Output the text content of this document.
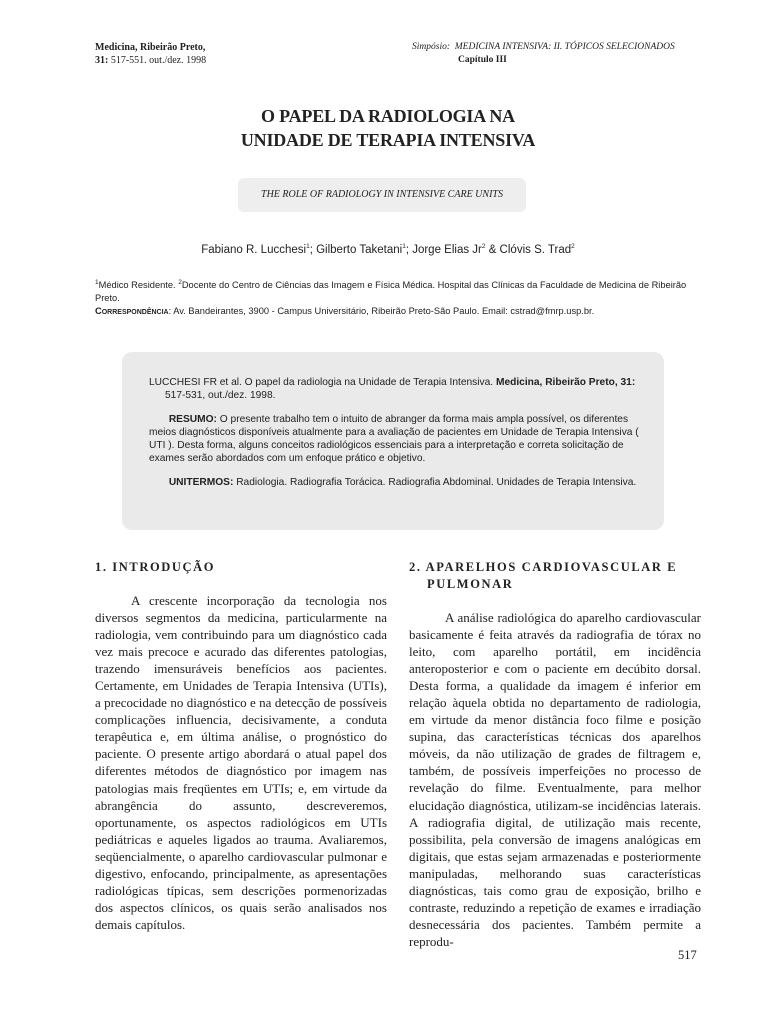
Medicina, Ribeirão Preto,
31: 517-551. out./dez. 1998
Simpósio: MEDICINA INTENSIVA: II. TÓPICOS SELECIONADOS
Capítulo III
O PAPEL DA RADIOLOGIA NA
UNIDADE DE TERAPIA INTENSIVA
THE ROLE OF RADIOLOGY IN INTENSIVE CARE UNITS
Fabiano R. Lucchesi$^1$; Gilberto Taketani$^1$; Jorge Elias Jr$^2$ & Clóvis S. Trad$^2$
$^1$Médico Residente. $^2$Docente do Centro de Ciências das Imagem e Física Médica. Hospital das Clínicas da Faculdade de Medicina de Ribeirão Preto.
Correspondência: Av. Bandeirantes, 3900 - Campus Universitário, Ribeirão Preto-São Paulo. Email: cstrad@fmrp.usp.br.

LUCCHESI FR et al. O papel da radiologia na Unidade de Terapia Intensiva. Medicina, Ribeirão Preto, 31: 517-531, out./dez. 1998.

RESUMO: O presente trabalho tem o intuito de abranger da forma mais ampla possível, os diferentes meios diagnósticos disponíveis atualmente para a avaliação de pacientes em Unidade de Terapia Intensiva ( UTI ). Desta forma, alguns conceitos radiológicos essenciais para a interpretação e correta solicitação de exames serão abordados com um enfoque prático e objetivo.

UNITERMOS: Radiologia. Radiografia Torácica. Radiografia Abdominal. Unidades de Terapia Intensiva.

1. INTRODUÇÃO

A crescente incorporação da tecnologia nos diversos segmentos da medicina, particularmente na radiologia, vem contribuindo para um diagnóstico cada vez mais precoce e acurado das diferentes patologias, trazendo imensuráveis benefícios aos pacientes. Certamente, em Unidades de Terapia Intensiva (UTIs), a precocidade no diagnóstico e na detecção de possíveis complicações influencia, decisivamente, a conduta terapêutica e, em última análise, o prognóstico do paciente. O presente artigo abordará o atual papel dos diferentes métodos de diagnóstico por imagem nas patologias mais freqüentes em UTIs; e, em virtude da abrangência do assunto, descreveremos, oportunamente, os aspectos radiológicos em UTIs pediátricas e aqueles ligados ao trauma. Avaliaremos, seqüencialmente, o aparelho cardiovascular pulmonar e digestivo, enfocando, principalmente, as apresentações radiológicas típicas, sem descrições pormenorizadas dos aspectos clínicos, os quais serão analisados nos demais capítulos.

2. APARELHOS CARDIOVASCULAR E
PULMONAR

A análise radiológica do aparelho cardiovascular basicamente é feita através da radiografia de tórax no leito, com aparelho portátil, em incidência anteroposterior e com o paciente em decúbito dorsal. Desta forma, a qualidade da imagem é inferior em relação àquela obtida no departamento de radiologia, em virtude da menor distância foco filme e posição supina, das características técnicas dos aparelhos móveis, da não utilização de grades de filtragem e, também, de possíveis imperfeições no processo de revelação do filme. Eventualmente, para melhor elucidação diagnóstica, utilizam-se incidências laterais. A radiografia digital, de utilização mais recente, possibilita, pela conversão de imagens analógicas em digitais, que estas sejam armazenadas e posteriormente manipuladas, melhorando suas características diagnósticas, tais como grau de exposição, brilho e contraste, reduzindo a repetição de exames e irradiação desnecessária dos pacientes. Também permite a reprodu-

517
